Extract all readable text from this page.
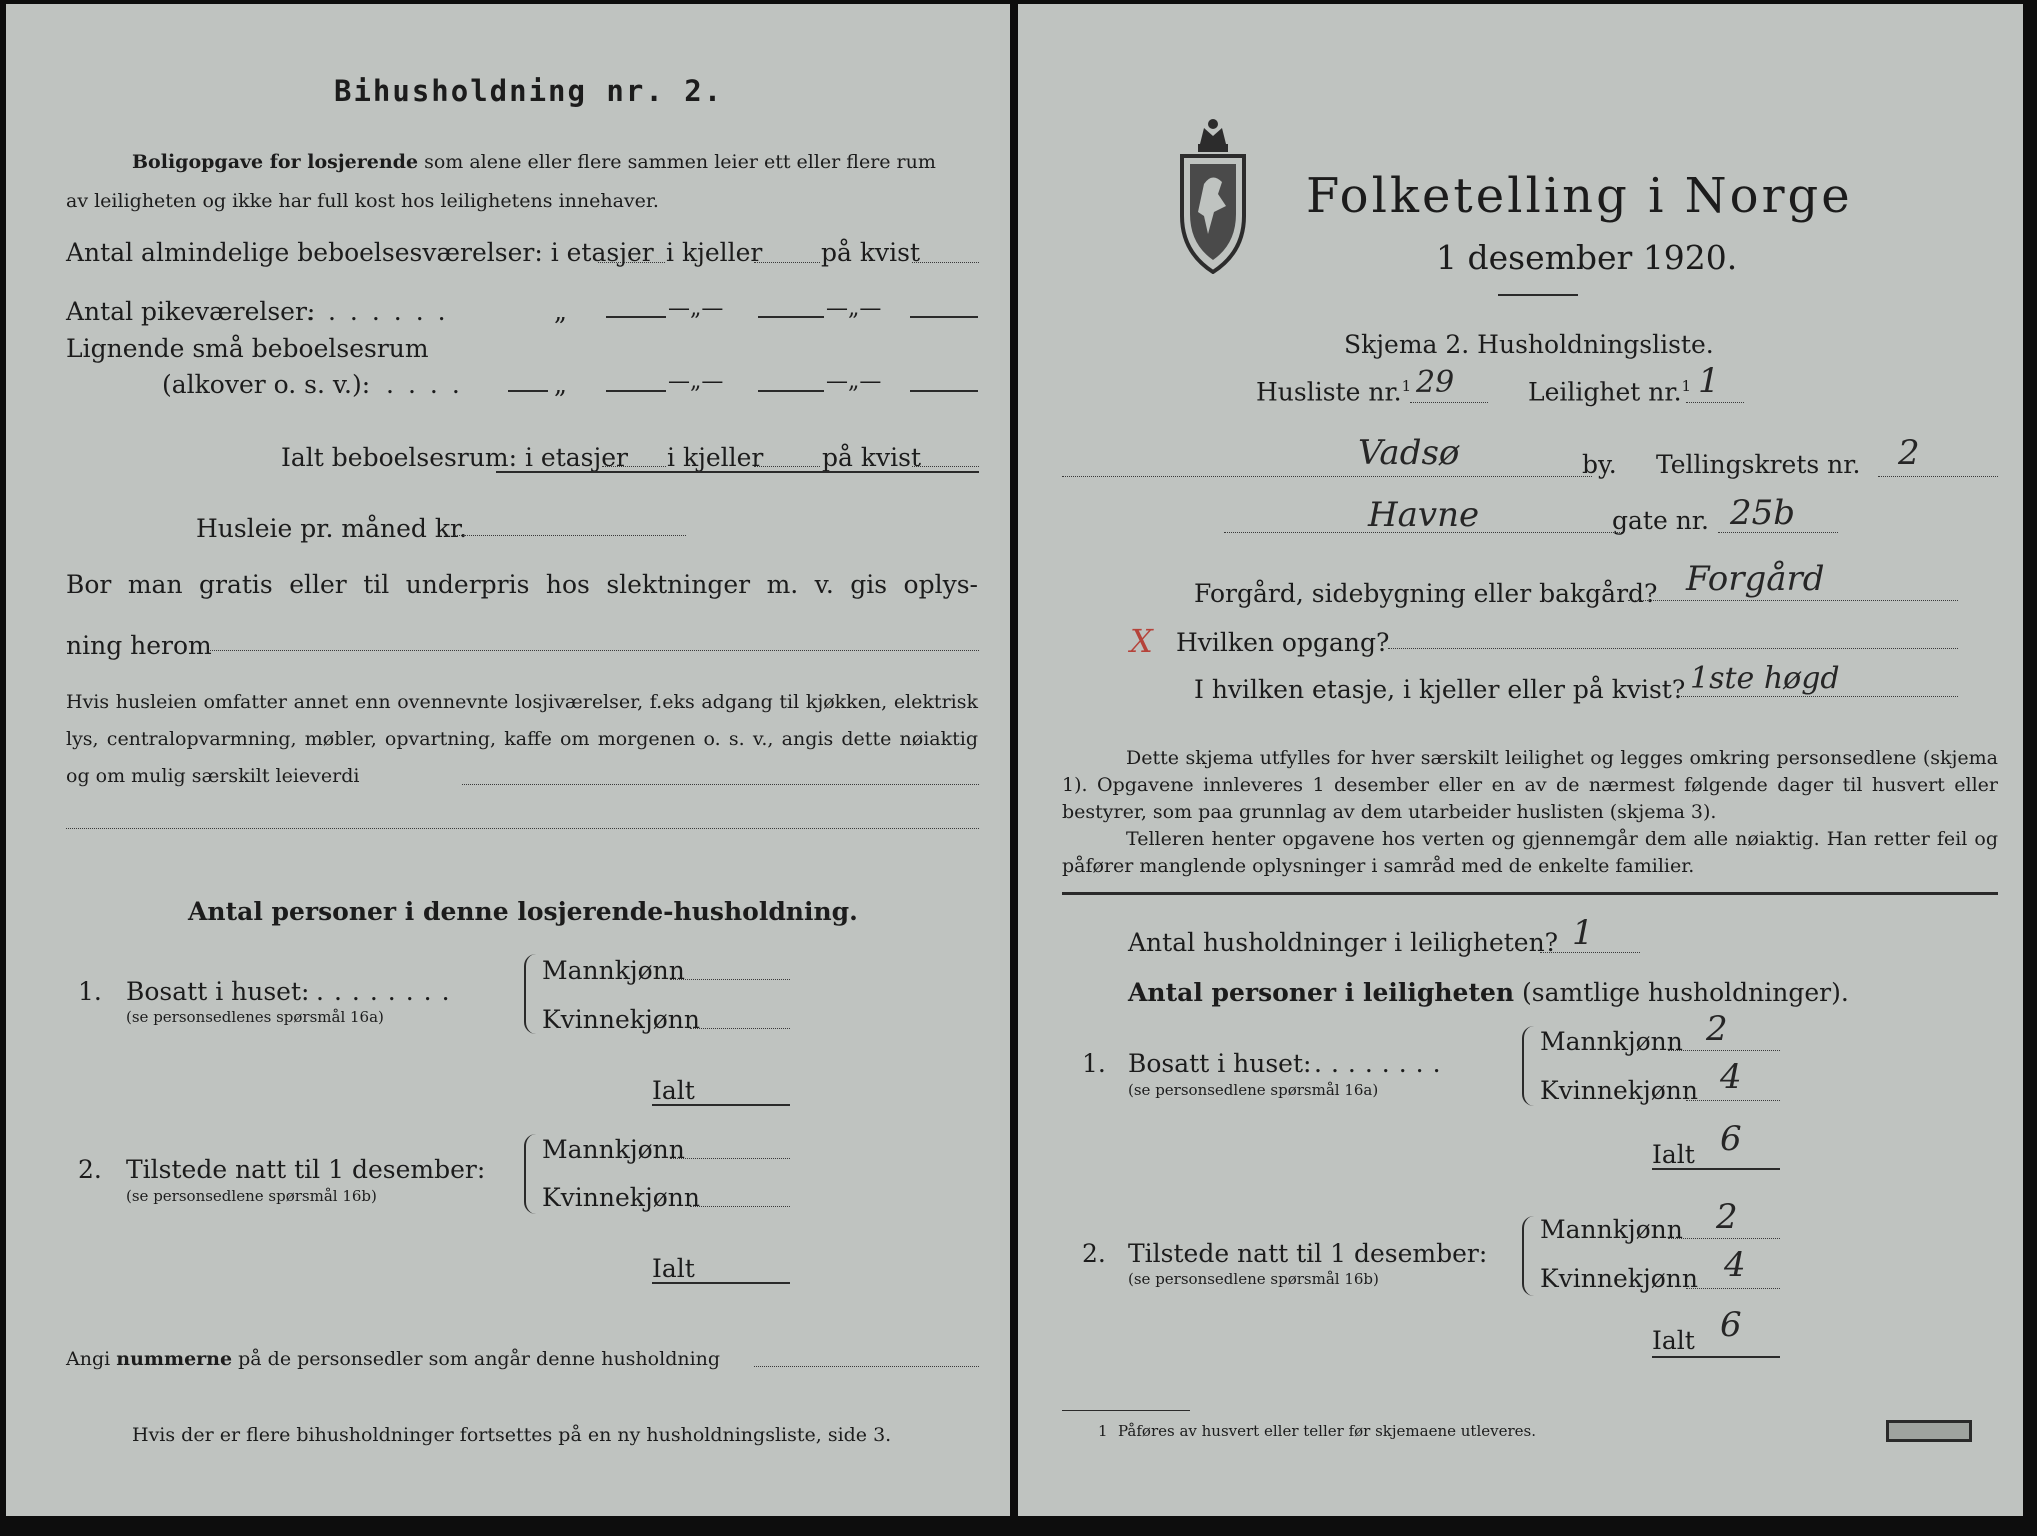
Bihusholdning nr. 2.
Boligopgave for losjerende som alene eller flere sammen leier ett eller flere rum
av leiligheten og ikke har full kost hos leilighetens innehaver.
Antal almindelige beboelsesværelser: i etasjer i kjeller på kvist
Antal pikeværelser:
.......	„	—„—	—„—
Lignende små beboelsesrum
(alkover o. s. v.): ....	„	—„—	—„—
Ialt beboelsesrum: i etasjer i kjeller på kvist
Husleie pr. måned kr.
Bor man gratis eller til underpris hos slektninger m. v. gis oplys-
ning herom
Hvis husleien omfatter annet enn ovennevnte losjiværelser, f.eks adgang til kjøkken, elektrisk lys, centralopvarmning, møbler, opvartning, kaffe om morgenen o. s. v., angis dette nøiaktig og om mulig særskilt leieverdi
Antal personer i denne losjerende-husholdning.
1. Bosatt i huset: ........
(se personsedlenes spørsmål 16a)
Mannkjønn
Kvinnekjønn
Ialt
2. Tilstede natt til 1 desember:
(se personsedlene spørsmål 16b)
Mannkjønn
Kvinnekjønn
Ialt
Angi nummerne på de personsedler som angår denne husholdning
Hvis der er flere bihusholdninger fortsettes på en ny husholdningsliste, side 3.
Folketelling i Norge
1 desember 1920.
Skjema 2. Husholdningsliste.
Husliste nr.$^1$ 29	Leilighet nr.$^1$ 1
Vadsø	by. Tellingskrets nr. 2
Havne	gate nr. 25b
Forgård, sidebygning eller bakgård? Forgård
X Hvilken opgang?
I hvilken etasje, i kjeller eller på kvist? 1ste høgd
Dette skjema utfylles for hver særskilt leilighet og legges omkring personsedlene (skjema 1). Opgavene innleveres 1 desember eller en av de nærmest følgende dager til husvert eller bestyrer, som paa grunnlag av dem utarbeider huslisten (skjema 3).
Telleren henter opgavene hos verten og gjennemgår dem alle nøiaktig. Han retter feil og påfører manglende oplysninger i samråd med de enkelte familier.
Antal husholdninger i leiligheten? 1
Antal personer i leiligheten (samtlige husholdninger).
1. Bosatt i huset: ........
(se personsedlene spørsmål 16a)
Mannkjønn 2
Kvinnekjønn 4
Ialt 6
2. Tilstede natt til 1 desember:
(se personsedlene spørsmål 16b)
Mannkjønn 2
Kvinnekjønn 4
Ialt 6
1 Påføres av husvert eller teller før skjemaene utleveres.
